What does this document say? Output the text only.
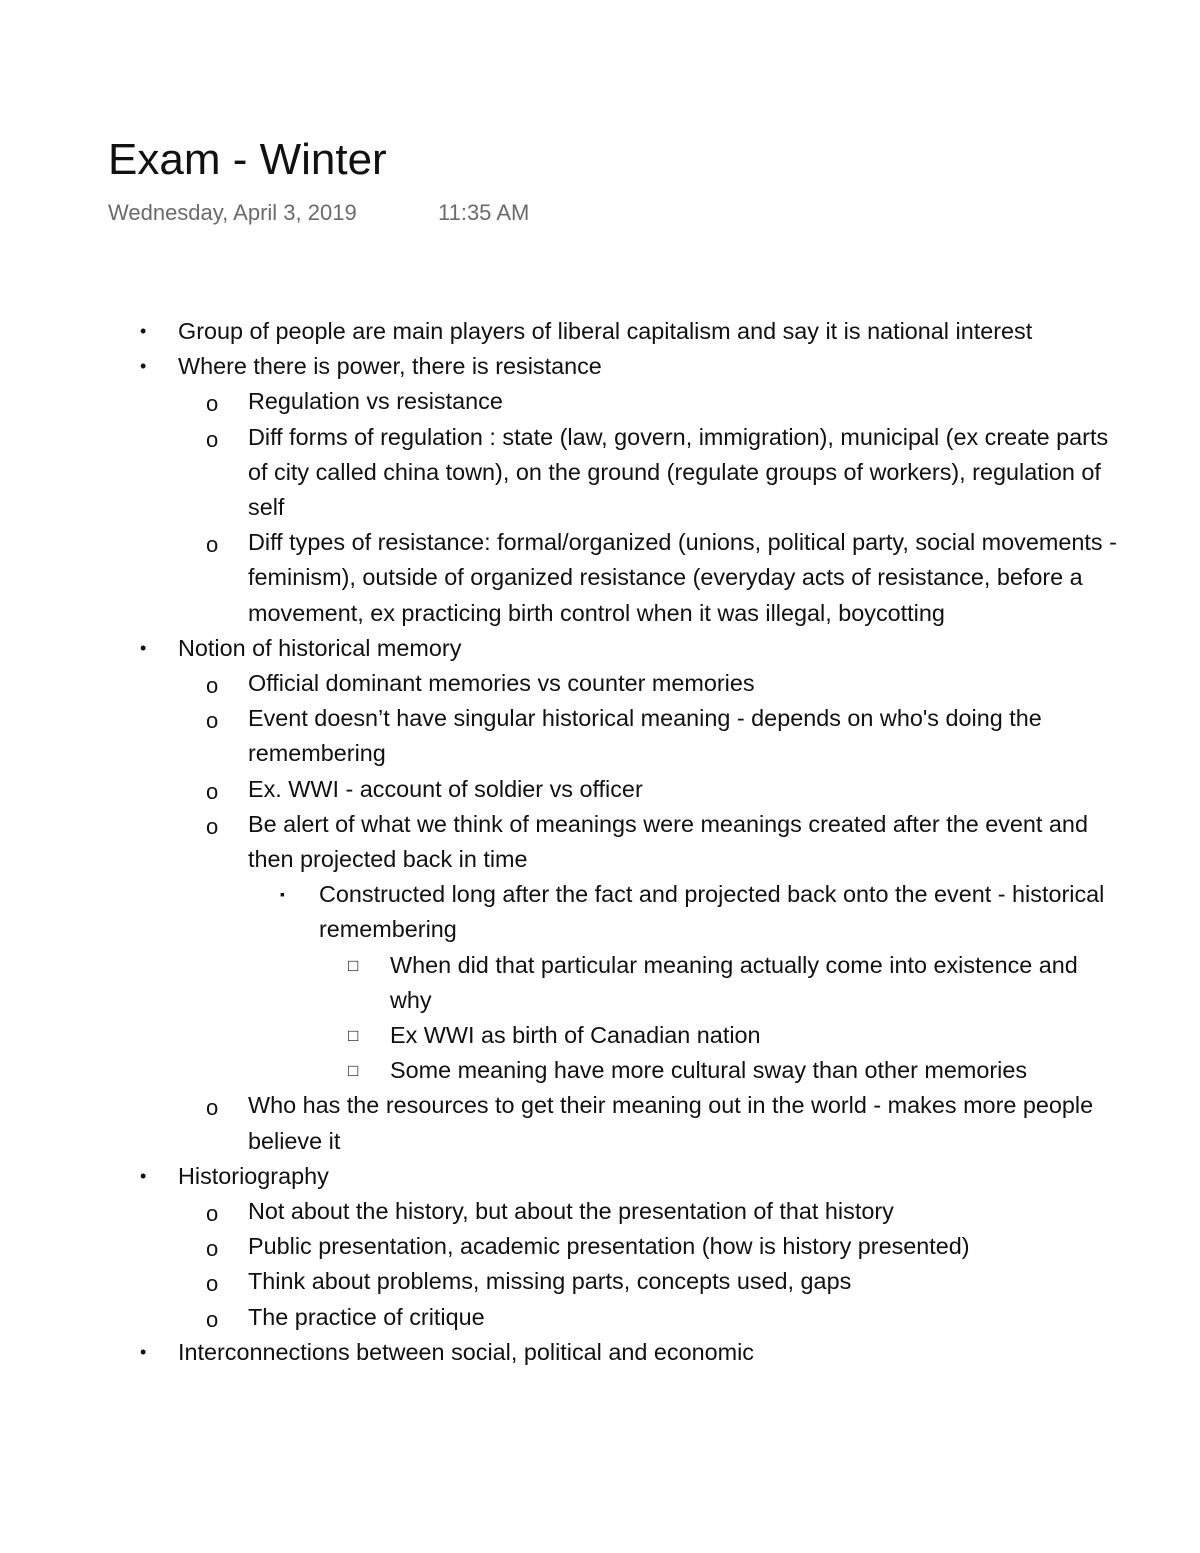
Exam - Winter
Wednesday, April 3, 2019	11:35 AM
• Group of people are main players of liberal capitalism and say it is national interest
• Where there is power, there is resistance
o Regulation vs resistance
o Diff forms of regulation : state (law, govern, immigration), municipal (ex create parts of city called china town), on the ground (regulate groups of workers), regulation of self
o Diff types of resistance: formal/organized (unions, political party, social movements - feminism), outside of organized resistance (everyday acts of resistance, before a movement, ex practicing birth control when it was illegal, boycotting
• Notion of historical memory
o Official dominant memories vs counter memories
o Event doesn’t have singular historical meaning - depends on who's doing the remembering
o Ex. WWI - account of soldier vs officer
o Be alert of what we think of meanings were meanings created after the event and then projected back in time
▪ Constructed long after the fact and projected back onto the event - historical remembering
□ When did that particular meaning actually come into existence and why
□ Ex WWI as birth of Canadian nation
□ Some meaning have more cultural sway than other memories
o Who has the resources to get their meaning out in the world - makes more people believe it
• Historiography
o Not about the history, but about the presentation of that history
o Public presentation, academic presentation (how is history presented)
o Think about problems, missing parts, concepts used, gaps
o The practice of critique
• Interconnections between social, political and economic
